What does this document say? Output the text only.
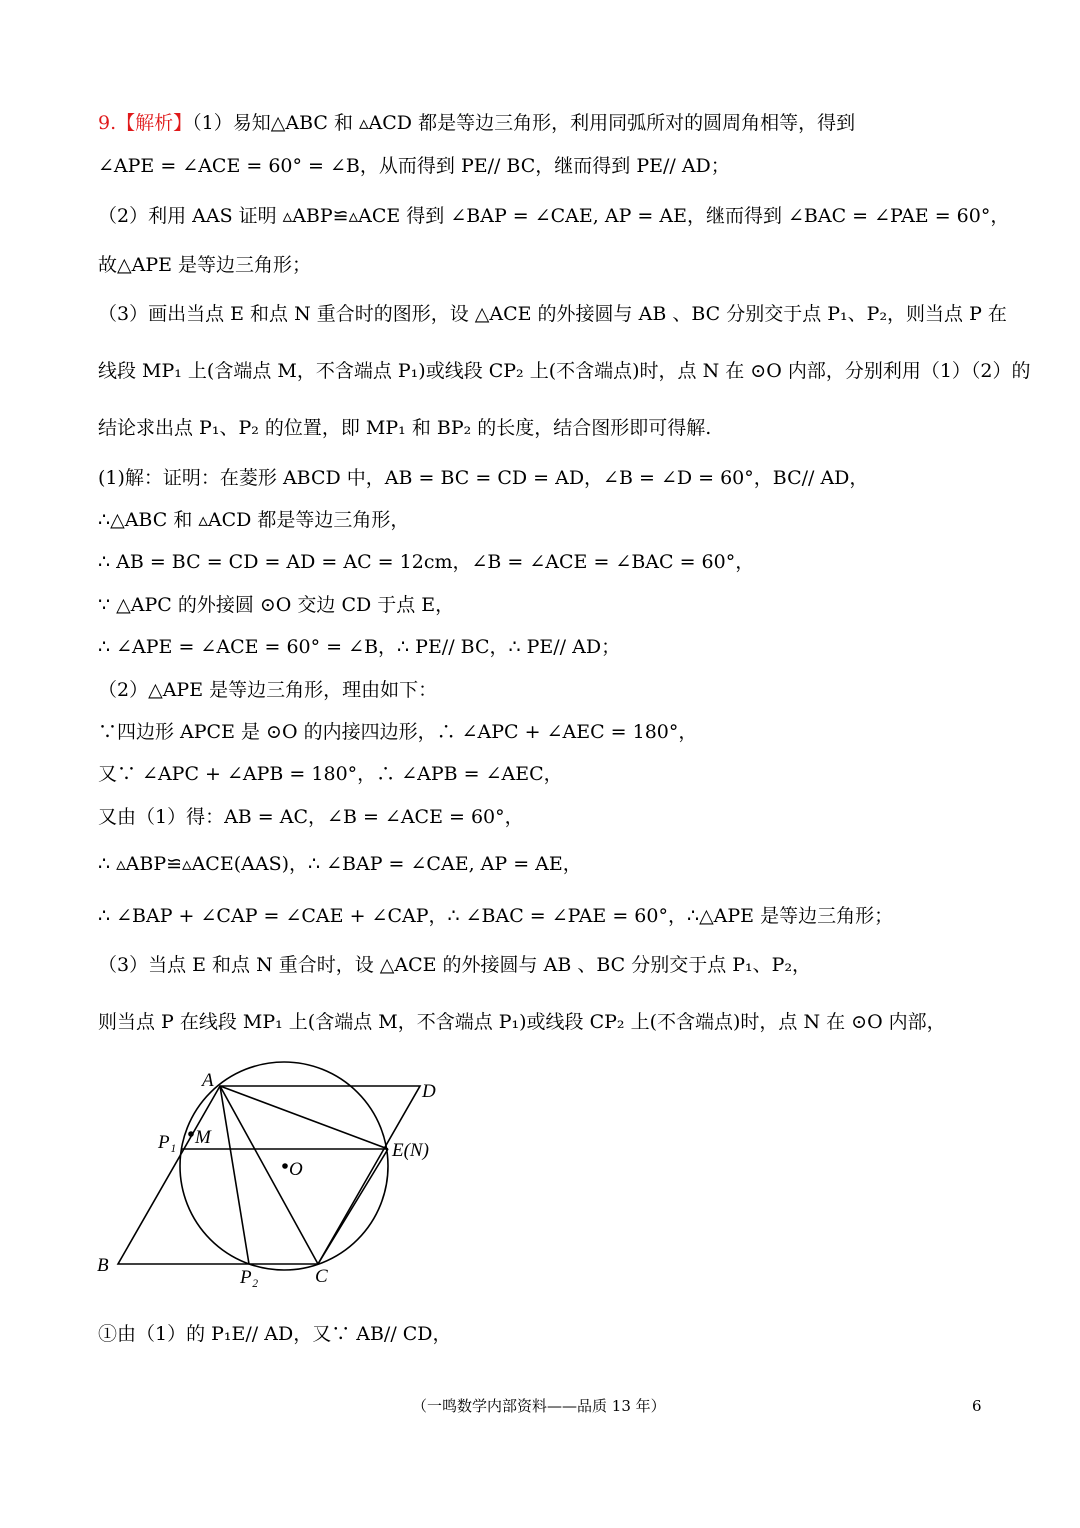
9.【解析】（1）易知△ABC 和 ▵ACD 都是等边三角形，利用同弧所对的圆周角相等，得到
∠APE = ∠ACE = 60° = ∠B，从而得到 PE// BC，继而得到 PE// AD；
（2）利用 AAS 证明 ▵ABP≌▵ACE 得到 ∠BAP = ∠CAE, AP = AE，继而得到 ∠BAC = ∠PAE = 60°，
故△APE 是等边三角形；
（3）画出当点 E 和点 N 重合时的图形，设 △ACE 的外接圆与 AB 、BC 分别交于点 P₁、P₂，则当点 P 在
线段 MP₁ 上(含端点 M，不含端点 P₁)或线段 CP₂ 上(不含端点)时，点 N 在 ⊙O 内部，分别利用（1）（2）的
结论求出点 P₁、P₂ 的位置，即 MP₁ 和 BP₂ 的长度，结合图形即可得解.
(1)解：证明：在菱形 ABCD 中，AB = BC = CD = AD，∠B = ∠D = 60°，BC// AD，
∴△ABC 和 ▵ACD 都是等边三角形，
∴ AB = BC = CD = AD = AC = 12cm，∠B = ∠ACE = ∠BAC = 60°，
∵ △APC 的外接圆 ⊙O 交边 CD 于点 E，
∴ ∠APE = ∠ACE = 60° = ∠B，∴ PE// BC，∴ PE// AD；
（2）△APE 是等边三角形，理由如下：
∵四边形 APCE 是 ⊙O 的内接四边形，∴ ∠APC + ∠AEC = 180°，
又∵ ∠APC + ∠APB = 180°，∴ ∠APB = ∠AEC，
又由（1）得：AB = AC，∠B = ∠ACE = 60°，
∴ ▵ABP≌▵ACE(AAS)，∴ ∠BAP = ∠CAE, AP = AE，
∴ ∠BAP + ∠CAP = ∠CAE + ∠CAP，∴ ∠BAC = ∠PAE = 60°，∴△APE 是等边三角形；
（3）当点 E 和点 N 重合时，设 △ACE 的外接圆与 AB 、BC 分别交于点 P₁、P₂，
则当点 P 在线段 MP₁ 上(含端点 M，不含端点 P₁)或线段 CP₂ 上(不含端点)时，点 N 在 ⊙O 内部，
A
D
P₁ M
E(N)
O
B
P₂	C
①由（1）的 P₁E// AD，又∵ AB// CD，
（一鸣数学内部资料——品质 13 年）	6
